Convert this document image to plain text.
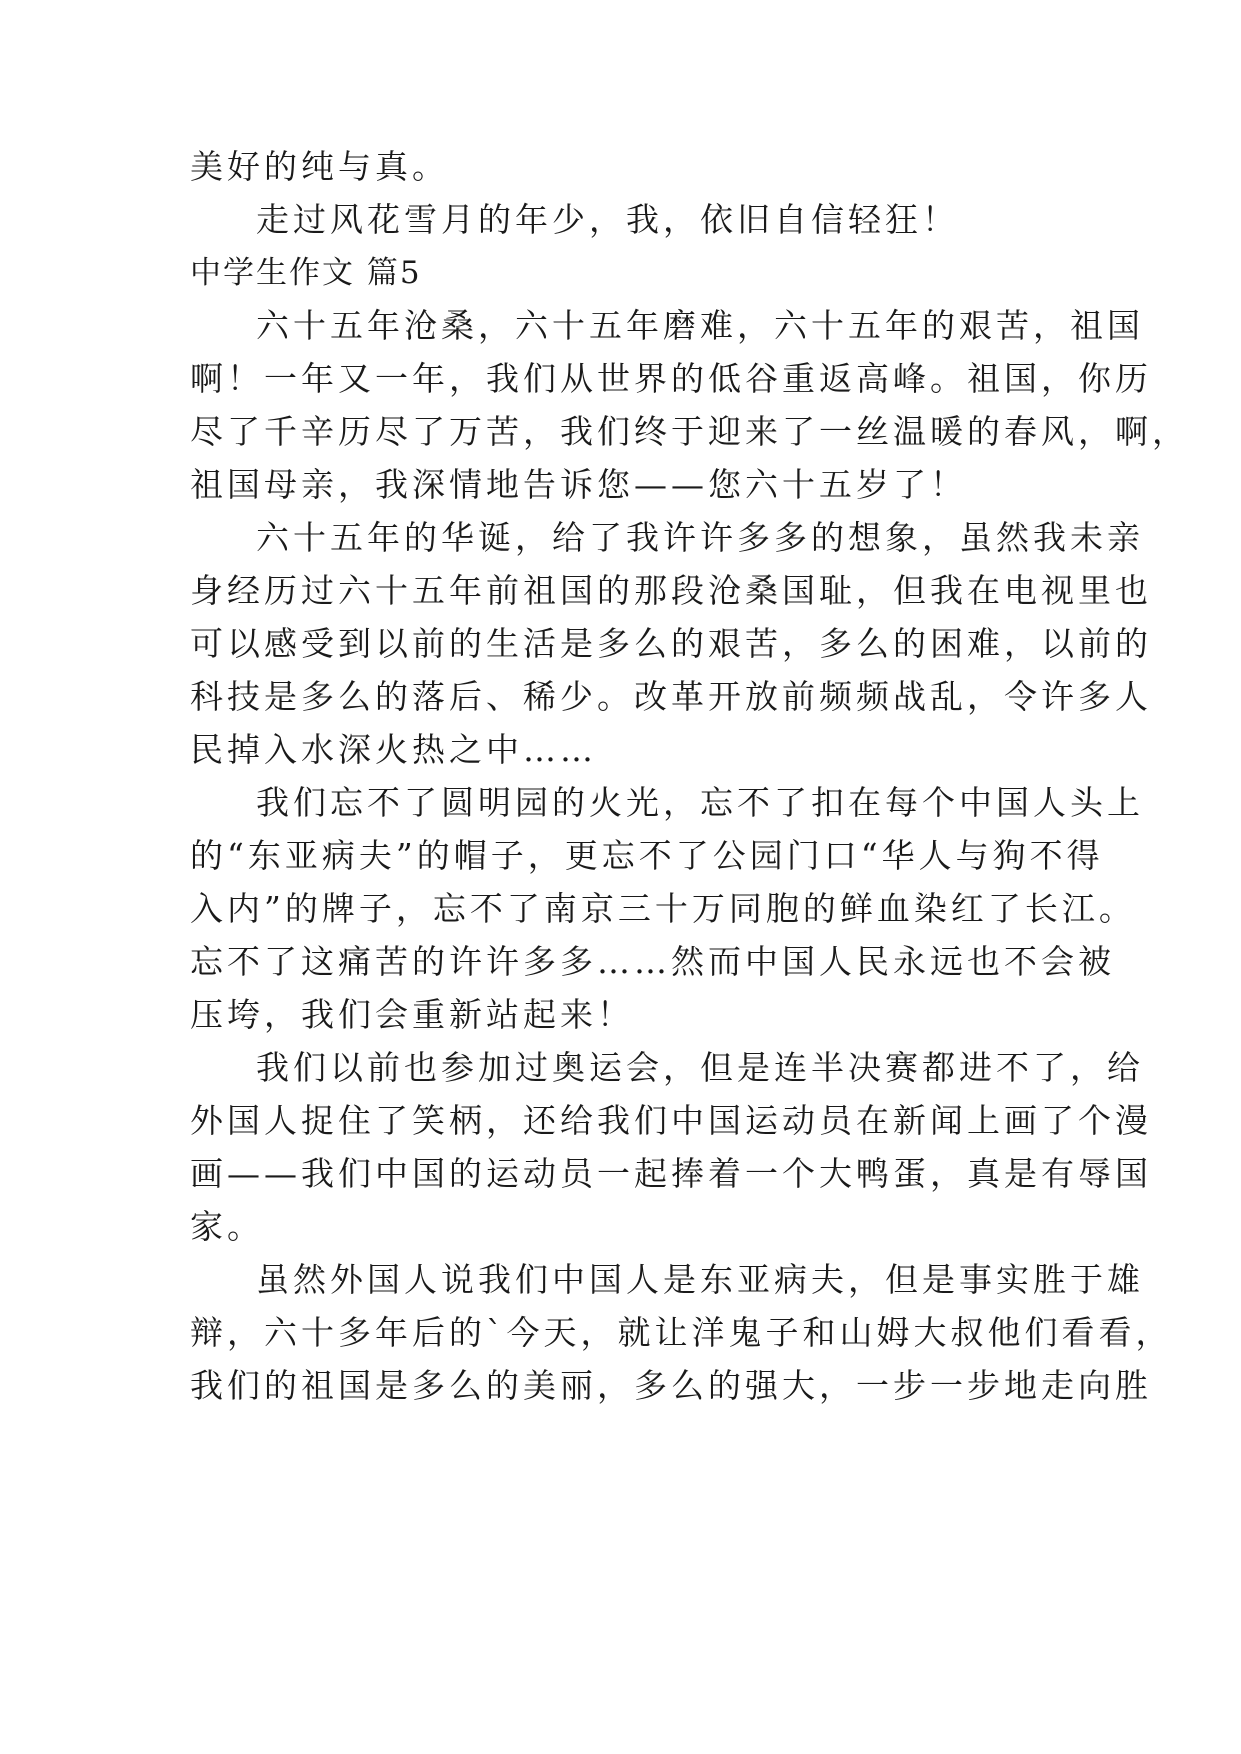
美好的纯与真。
走过风花雪月的年少，我，依旧自信轻狂！
中学生作文 篇5
六十五年沧桑，六十五年磨难，六十五年的艰苦，祖国
啊！一年又一年，我们从世界的低谷重返高峰。祖国，你历
尽了千辛历尽了万苦，我们终于迎来了一丝温暖的春风，啊，
祖国母亲，我深情地告诉您——您六十五岁了！
六十五年的华诞，给了我许许多多的想象，虽然我未亲
身经历过六十五年前祖国的那段沧桑国耻，但我在电视里也
可以感受到以前的生活是多么的艰苦，多么的困难，以前的
科技是多么的落后、稀少。改革开放前频频战乱，令许多人
民掉入水深火热之中……
我们忘不了圆明园的火光，忘不了扣在每个中国人头上
的“东亚病夫”的帽子，更忘不了公园门口“华人与狗不得
入内”的牌子，忘不了南京三十万同胞的鲜血染红了长江。
忘不了这痛苦的许许多多……然而中国人民永远也不会被
压垮，我们会重新站起来！
我们以前也参加过奥运会，但是连半决赛都进不了，给
外国人捉住了笑柄，还给我们中国运动员在新闻上画了个漫
画——我们中国的运动员一起捧着一个大鸭蛋，真是有辱国
家。
虽然外国人说我们中国人是东亚病夫，但是事实胜于雄
辩，六十多年后的`今天，就让洋鬼子和山姆大叔他们看看，
我们的祖国是多么的美丽，多么的强大，一步一步地走向胜
